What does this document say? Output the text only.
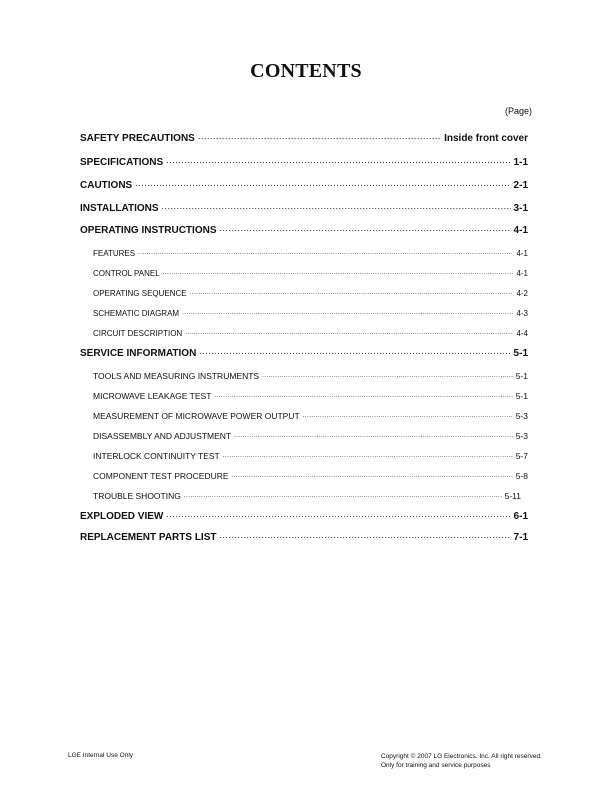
CONTENTS
(Page)
SAFETY PRECAUTIONS .....	Inside front cover
SPECIFICATIONS .....	1-1
CAUTIONS .....	2-1
INSTALLATIONS .....	3-1
OPERATING INSTRUCTIONS .....	4-1
FEATURES .....	4-1
CONTROL PANEL .....	4-1
OPERATING SEQUENCE .....	4-2
SCHEMATIC DIAGRAM .....	4-3
CIRCUIT DESCRIPTION .....	4-4
SERVICE INFORMATION .....	5-1
TOOLS AND MEASURING INSTRUMENTS .....	5-1
MICROWAVE LEAKAGE TEST .....	5-1
MEASUREMENT OF MICROWAVE POWER OUTPUT .....	5-3
DISASSEMBLY AND ADJUSTMENT .....	5-3
INTERLOCK CONTINUITY TEST .....	5-7
COMPONENT TEST PROCEDURE .....	5-8
TROUBLE SHOOTING .....	5-11
EXPLODED VIEW .....	6-1
REPLACEMENT PARTS LIST .....	7-1
LGE Internal Use Only	Copyright © 2007 LG Electronics. Inc. All right reserved.
Only for training and service purposes
